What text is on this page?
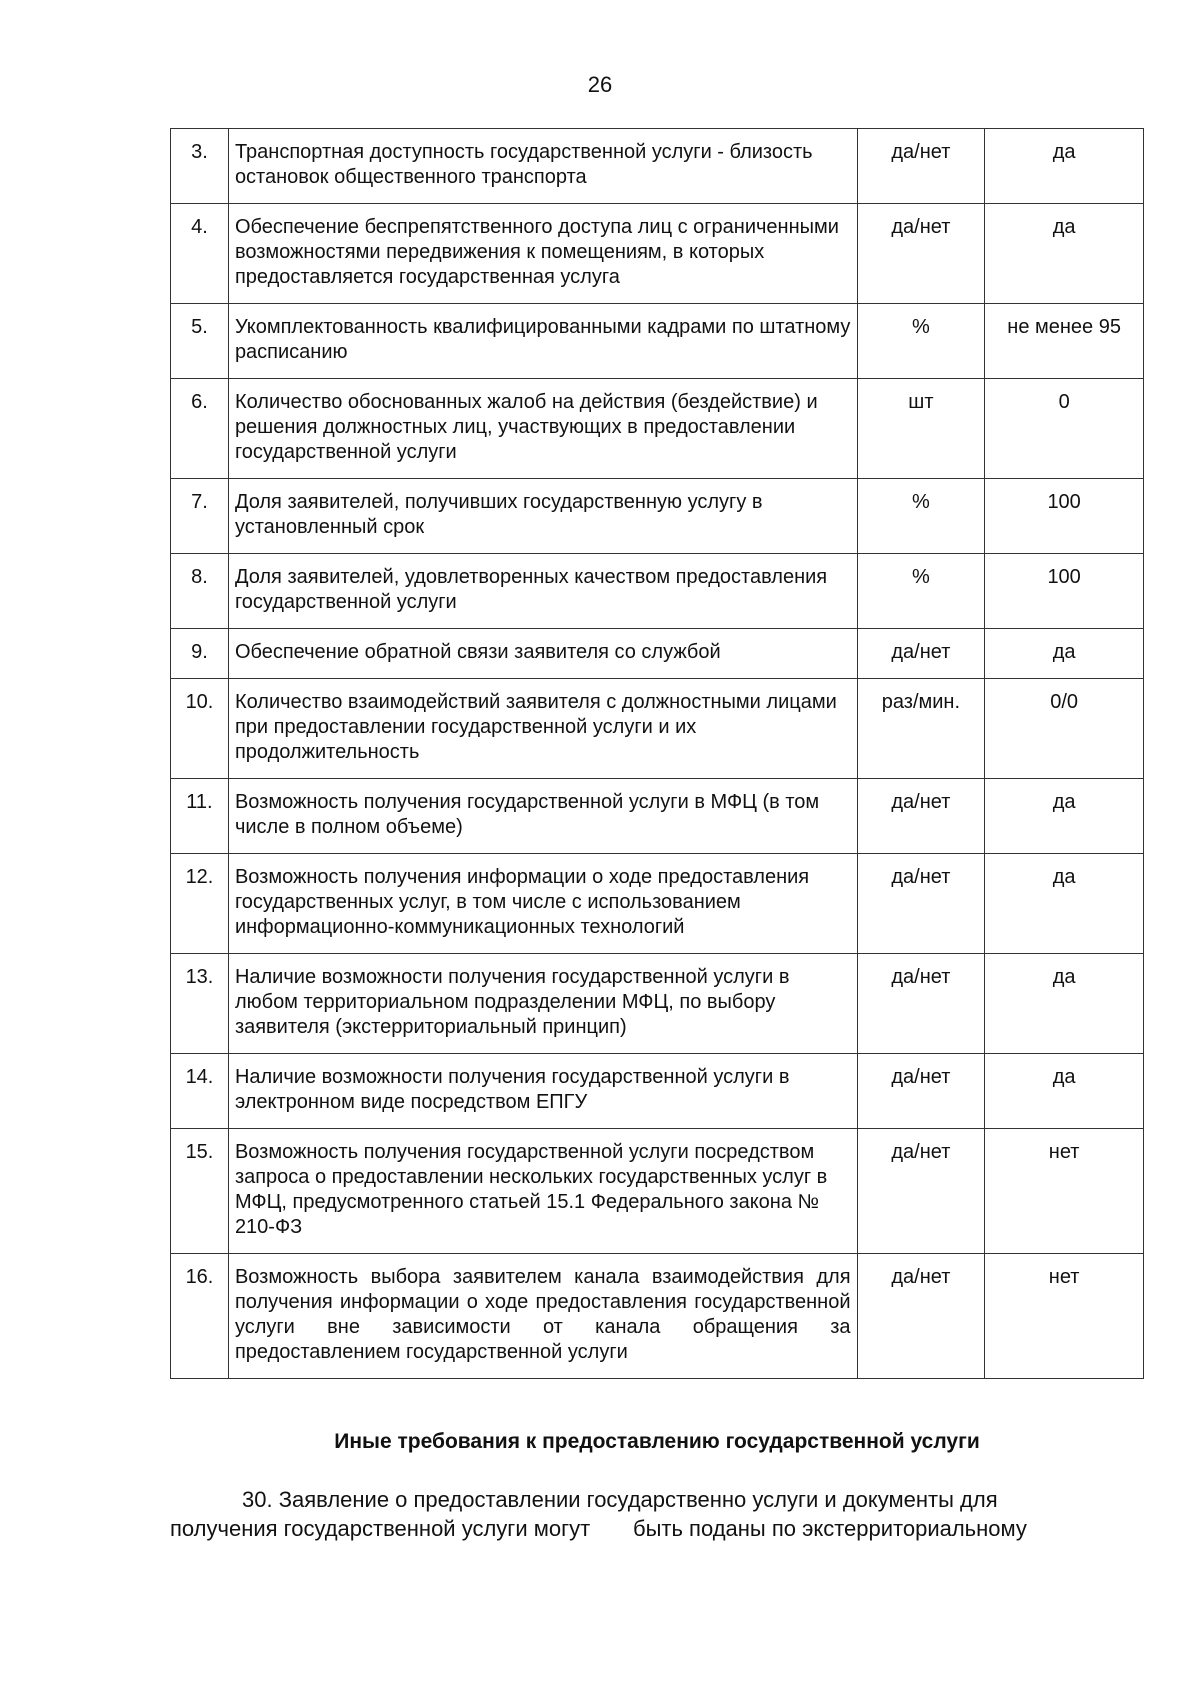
26
3.	Транспортная доступность государственной услуги - близость остановок общественного транспорта	да/нет	да
4.	Обеспечение беспрепятственного доступа лиц с ограниченными возможностями передвижения к помещениям, в которых предоставляется государственная услуга	да/нет	да
5.	Укомплектованность квалифицированными кадрами по штатному расписанию	%	не менее 95
6.	Количество обоснованных жалоб на действия (бездействие) и решения должностных лиц, участвующих в предоставлении государственной услуги	шт	0
7.	Доля заявителей, получивших государственную услугу в установленный срок	%	100
8.	Доля заявителей, удовлетворенных качеством предоставления государственной услуги	%	100
9.	Обеспечение обратной связи заявителя со службой	да/нет	да
10.	Количество взаимодействий заявителя с должностными лицами при предоставлении государственной услуги и их продолжительность	раз/мин.	0/0
11.	Возможность получения государственной услуги в МФЦ (в том числе в полном объеме)	да/нет	да
12.	Возможность получения информации о ходе предоставления государственных услуг, в том числе с использованием информационно-коммуникационных технологий	да/нет	да
13.	Наличие возможности получения государственной услуги в любом территориальном подразделении МФЦ, по выбору заявителя (экстерриториальный принцип)	да/нет	да
14.	Наличие возможности получения государственной услуги в электронном виде посредством ЕПГУ	да/нет	да
15.	Возможность получения государственной услуги посредством запроса о предоставлении нескольких государственных услуг в МФЦ, предусмотренного статьей 15.1 Федерального закона № 210-ФЗ	да/нет	нет
16.	Возможность выбора заявителем канала взаимодействия для получения информации о ходе предоставления государственной услуги вне зависимости от канала обращения за предоставлением государственной услуги	да/нет	нет
Иные требования к предоставлению государственной услуги
30. Заявление о предоставлении государственно услуги и документы для
получения государственной услуги могут       быть поданы по экстерриториальному
